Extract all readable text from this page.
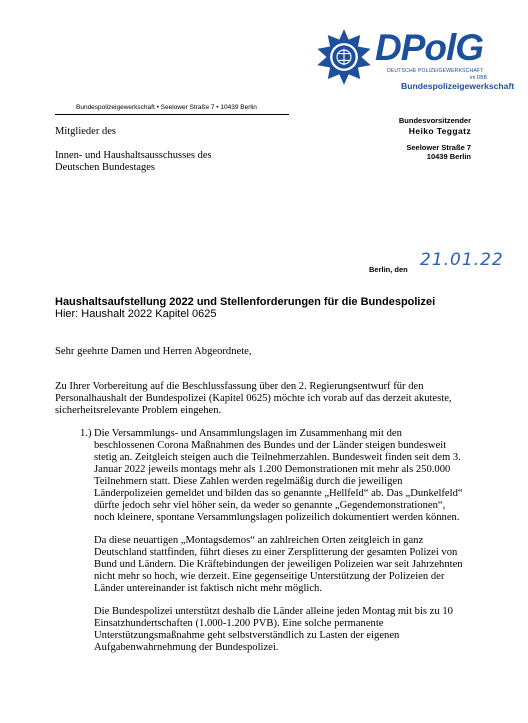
DPolG
DEUTSCHE POLIZEIGEWERKSCHAFT
im DBB
Bundespolizeigewerkschaft
Bundespolizeigewerkschaft • Seelower Straße 7 • 10439 Berlin
Mitglieder des
Innen- und Haushaltsausschusses des
Deutschen Bundestages
Bundesvorsitzender
Heiko Teggatz
Seelower Straße 7
10439 Berlin
Berlin, den 21.01.22
Haushaltsaufstellung 2022 und Stellenforderungen für die Bundespolizei
Hier: Haushalt 2022 Kapitel 0625
Sehr geehrte Damen und Herren Abgeordnete,
Zu Ihrer Vorbereitung auf die Beschlussfassung über den 2. Regierungsentwurf für den
Personalhaushalt der Bundespolizei (Kapitel 0625) möchte ich vorab auf das derzeit akuteste,
sicherheitsrelevante Problem eingehen.
1.) Die Versammlungs- und Ansammlungslagen im Zusammenhang mit den
beschlossenen Corona Maßnahmen des Bundes und der Länder steigen bundesweit
stetig an. Zeitgleich steigen auch die Teilnehmerzahlen. Bundesweit finden seit dem 3.
Januar 2022 jeweils montags mehr als 1.200 Demonstrationen mit mehr als 250.000
Teilnehmern statt. Diese Zahlen werden regelmäßig durch die jeweiligen
Länderpolizeien gemeldet und bilden das so genannte „Hellfeld“ ab. Das „Dunkelfeld“
dürfte jedoch sehr viel höher sein, da weder so genannte „Gegendemonstrationen“,
noch kleinere, spontane Versammlungslagen polizeilich dokumentiert werden können.
Da diese neuartigen „Montagsdemos“ an zahlreichen Orten zeitgleich in ganz
Deutschland stattfinden, führt dieses zu einer Zersplitterung der gesamten Polizei von
Bund und Ländern. Die Kräftebindungen der jeweiligen Polizeien war seit Jahrzehnten
nicht mehr so hoch, wie derzeit. Eine gegenseitige Unterstützung der Polizeien der
Länder untereinander ist faktisch nicht mehr möglich.
Die Bundespolizei unterstützt deshalb die Länder alleine jeden Montag mit bis zu 10
Einsatzhundertschaften (1.000-1.200 PVB). Eine solche permanente
Unterstützungsmaßnahme geht selbstverständlich zu Lasten der eigenen
Aufgabenwahrnehmung der Bundespolizei.
